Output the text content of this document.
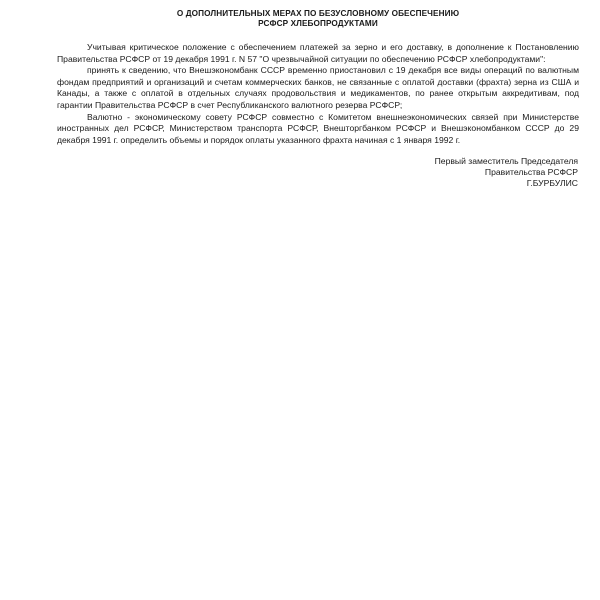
О ДОПОЛНИТЕЛЬНЫХ МЕРАХ ПО БЕЗУСЛОВНОМУ ОБЕСПЕЧЕНИЮ
РСФСР ХЛЕБОПРОДУКТАМИ

Учитывая критическое положение с обеспечением платежей за зерно и его доставку, в дополнение к Постановлению Правительства РСФСР от 19 декабря 1991 г. N 57 "О чрезвычайной ситуации по обеспечению РСФСР хлебопродуктами":

принять к сведению, что Внешэкономбанк СССР временно приостановил с 19 декабря все виды операций по валютным фондам предприятий и организаций и счетам коммерческих банков, не связанные с оплатой доставки (фрахта) зерна из США и Канады, а также с оплатой в отдельных случаях продовольствия и медикаментов, по ранее открытым аккредитивам, под гарантии Правительства РСФСР в счет Республиканского валютного резерва РСФСР;

Валютно - экономическому совету РСФСР совместно с Комитетом внешнеэкономических связей при Министерстве иностранных дел РСФСР, Министерством транспорта РСФСР, Внешторгбанком РСФСР и Внешэкономбанком СССР до 29 декабря 1991 г. определить объемы и порядок оплаты указанного фрахта начиная с 1 января 1992 г.

Первый заместитель Председателя
Правительства РСФСР
Г.БУРБУЛИС
